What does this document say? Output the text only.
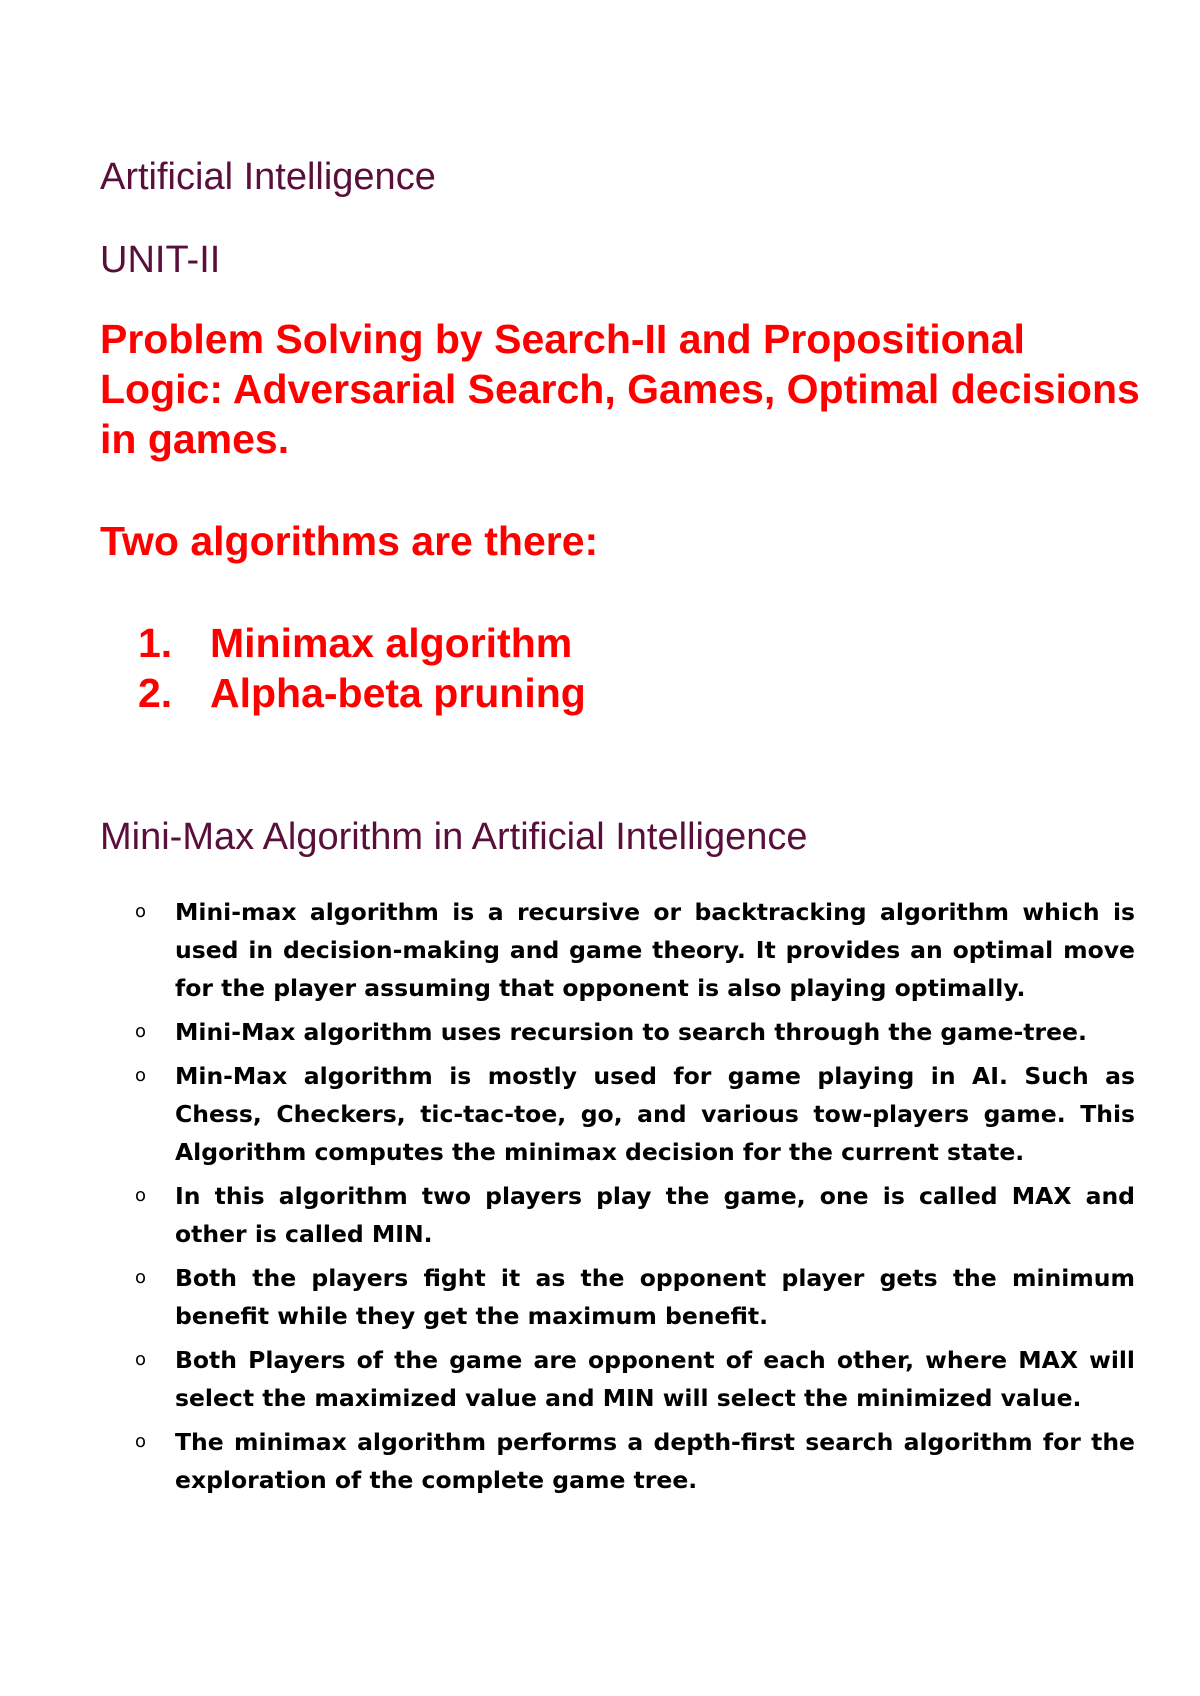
Artificial Intelligence
UNIT-II

Problem Solving by Search-II and Propositional Logic: Adversarial Search, Games, Optimal decisions in games.

Two algorithms are there:

1. Minimax algorithm
2. Alpha-beta pruning
Mini-Max Algorithm in Artificial Intelligence
o	Mini-max algorithm is a recursive or backtracking algorithm which is used in decision-making and game theory. It provides an optimal move for the player assuming that opponent is also playing optimally.
o	Mini-Max algorithm uses recursion to search through the game-tree.
o	Min-Max algorithm is mostly used for game playing in AI. Such as Chess, Checkers, tic-tac-toe, go, and various tow-players game. This Algorithm computes the minimax decision for the current state.
o	In this algorithm two players play the game, one is called MAX and other is called MIN.
o	Both the players fight it as the opponent player gets the minimum benefit while they get the maximum benefit.
o	Both Players of the game are opponent of each other, where MAX will select the maximized value and MIN will select the minimized value.
o	The minimax algorithm performs a depth-first search algorithm for the exploration of the complete game tree.
